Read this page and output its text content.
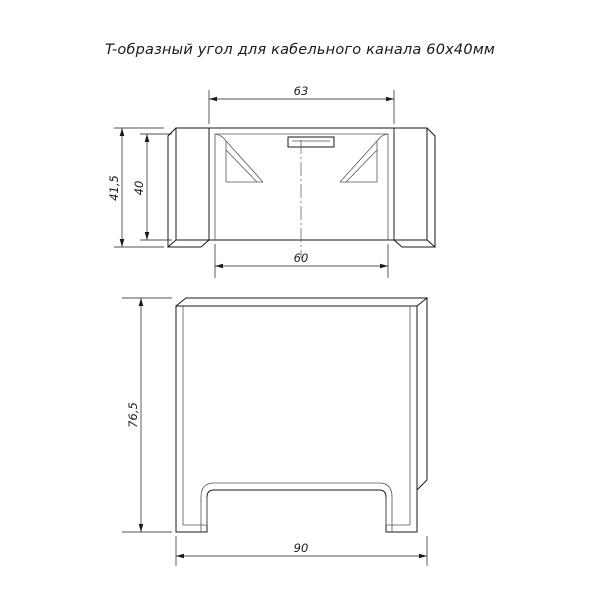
T-образный угол для кабельного канала 60х40мм
63
41,5 40
60
76,5
90
